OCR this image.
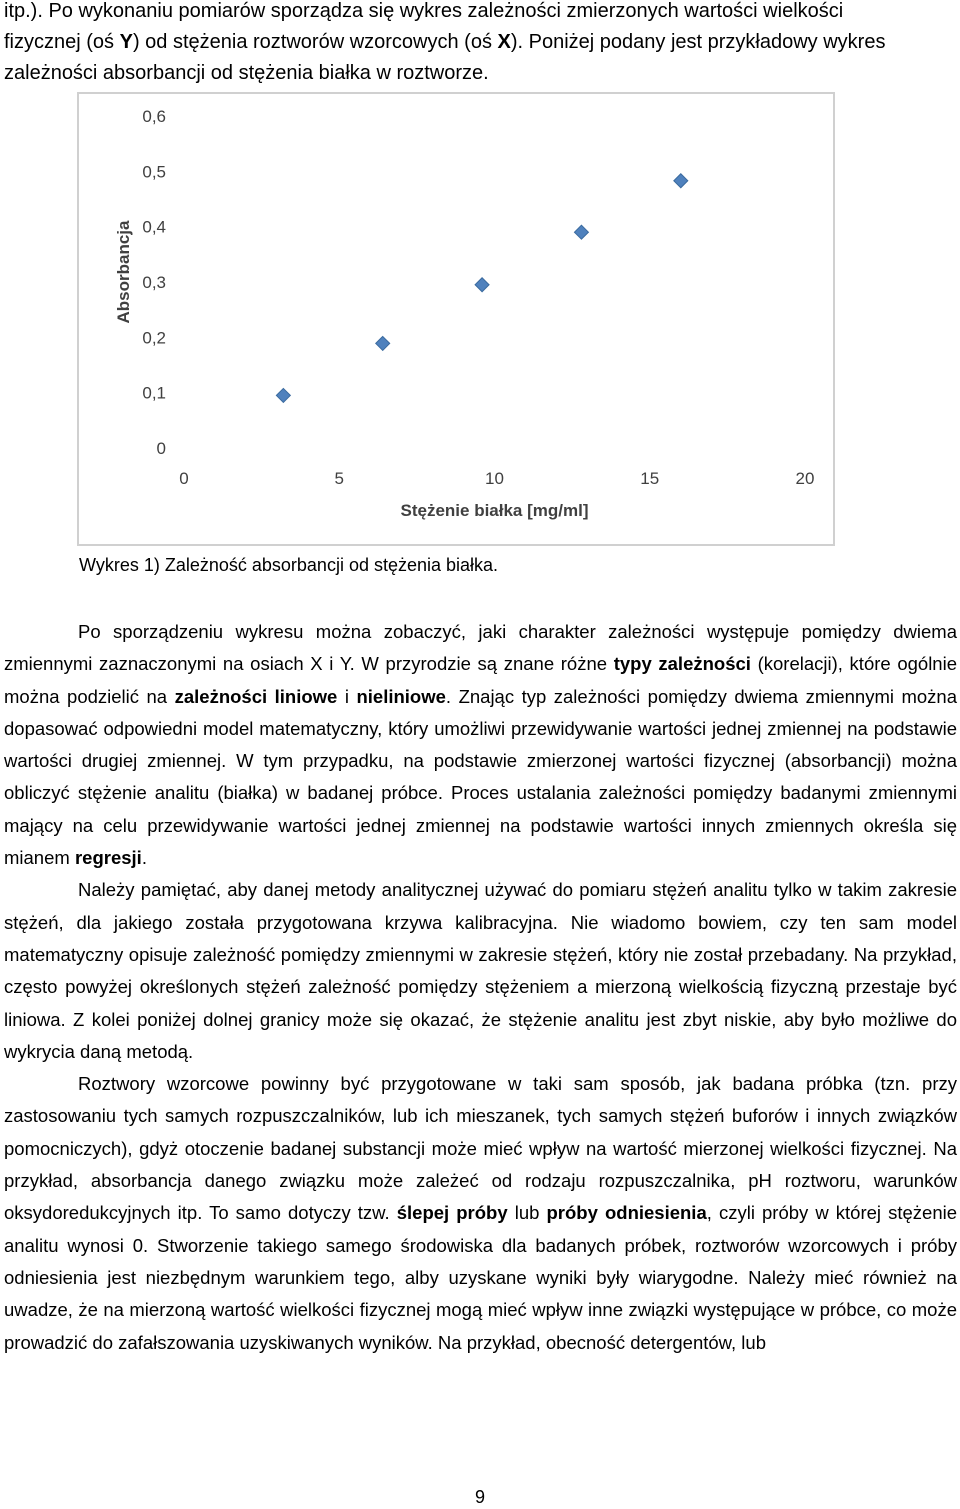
itp.). Po wykonaniu pomiarów sporządza się wykres zależności zmierzonych wartości wielkości

fizycznej (oś Y) od stężenia roztworów wzorcowych (oś X). Poniżej podany jest przykładowy wykres

zależności absorbancji od stężenia białka w roztworze.

0
0,1
0,2
0,3
0,4
0,5
0,6
0	5	10	15	20
Stężenie białka [mg/ml]
Absorbancja
Wykres 1) Zależność absorbancji od stężenia białka.

Po sporządzeniu wykresu można zobaczyć, jaki charakter zależności występuje pomiędzy dwiema zmiennymi zaznaczonymi na osiach X i Y. W przyrodzie są znane różne typy zależności (korelacji), które ogólnie można podzielić na zależności liniowe i nieliniowe. Znając typ zależności pomiędzy dwiema zmiennymi można dopasować odpowiedni model matematyczny, który umożliwi przewidywanie wartości jednej zmiennej na podstawie wartości drugiej zmiennej. W tym przypadku, na podstawie zmierzonej wartości fizycznej (absorbancji) można obliczyć stężenie analitu (białka) w badanej próbce. Proces ustalania zależności pomiędzy badanymi zmiennymi mający na celu przewidywanie wartości jednej zmiennej na podstawie wartości innych zmiennych określa się mianem regresji.

Należy pamiętać, aby danej metody analitycznej używać do pomiaru stężeń analitu tylko w takim zakresie stężeń, dla jakiego została przygotowana krzywa kalibracyjna. Nie wiadomo bowiem, czy ten sam model matematyczny opisuje zależność pomiędzy zmiennymi w zakresie stężeń, który nie został przebadany. Na przykład, często powyżej określonych stężeń zależność pomiędzy stężeniem a mierzoną wielkością fizyczną przestaje być liniowa. Z kolei poniżej dolnej granicy może się okazać, że stężenie analitu jest zbyt niskie, aby było możliwe do wykrycia daną metodą.

Roztwory wzorcowe powinny być przygotowane w taki sam sposób, jak badana próbka (tzn. przy zastosowaniu tych samych rozpuszczalników, lub ich mieszanek, tych samych stężeń buforów i innych związków pomocniczych), gdyż otoczenie badanej substancji może mieć wpływ na wartość mierzonej wielkości fizycznej. Na przykład, absorbancja danego związku może zależeć od rodzaju rozpuszczalnika, pH roztworu, warunków oksydoredukcyjnych itp. To samo dotyczy tzw. ślepej próby lub próby odniesienia, czyli próby w której stężenie analitu wynosi 0. Stworzenie takiego samego środowiska dla badanych próbek, roztworów wzorcowych i próby odniesienia jest niezbędnym warunkiem tego, alby uzyskane wyniki były wiarygodne. Należy mieć również na uwadze, że na mierzoną wartość wielkości fizycznej mogą mieć wpływ inne związki występujące w próbce, co może prowadzić do zafałszowania uzyskiwanych wyników. Na przykład, obecność detergentów, lub

9
